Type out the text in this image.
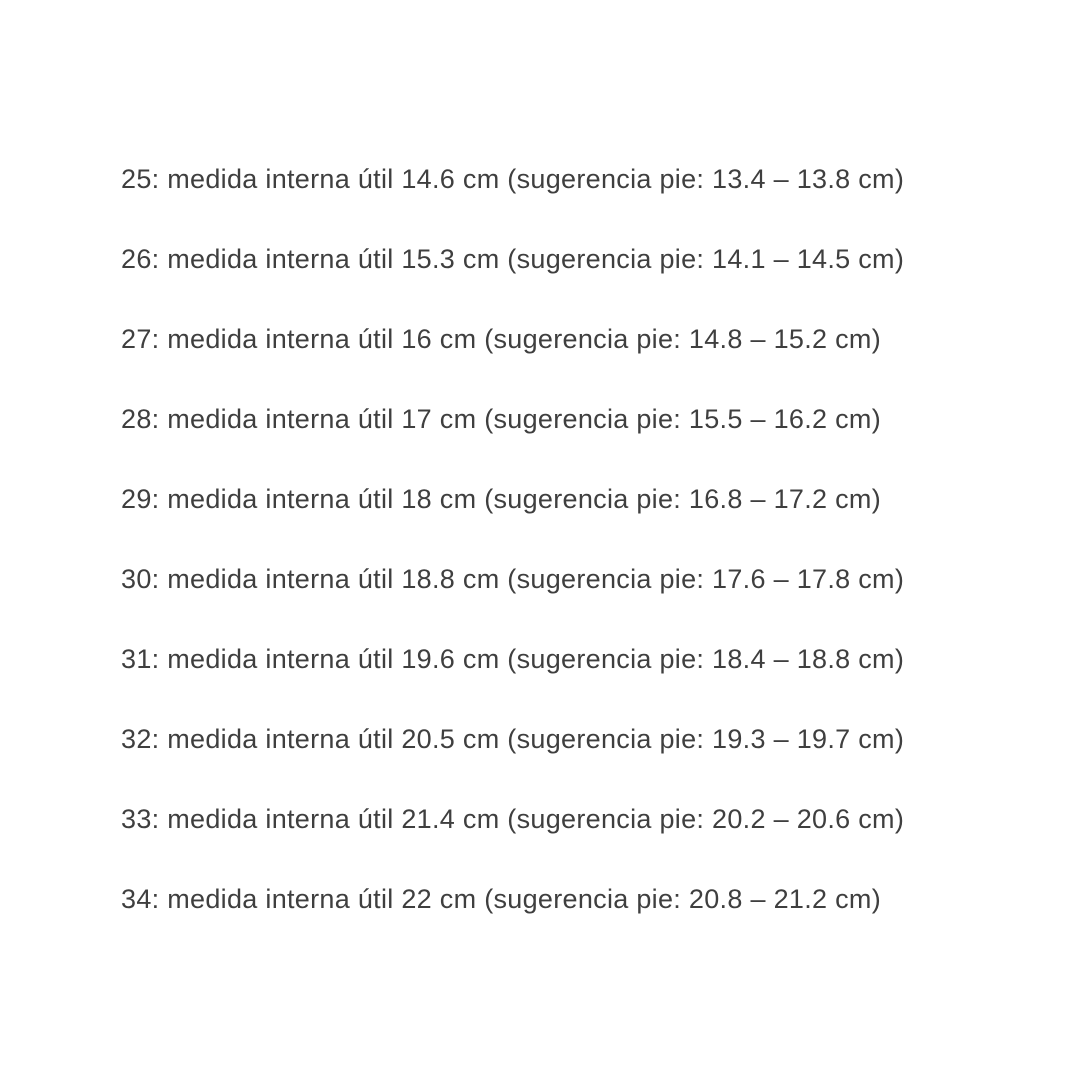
25: medida interna útil 14.6 cm (sugerencia pie: 13.4 – 13.8 cm)

26: medida interna útil 15.3 cm (sugerencia pie: 14.1 – 14.5 cm)

27: medida interna útil 16 cm (sugerencia pie: 14.8 – 15.2 cm)

28: medida interna útil 17 cm (sugerencia pie: 15.5 – 16.2 cm)

29: medida interna útil 18 cm (sugerencia pie: 16.8 – 17.2 cm)

30: medida interna útil 18.8 cm (sugerencia pie: 17.6 – 17.8 cm)

31: medida interna útil 19.6 cm (sugerencia pie: 18.4 – 18.8 cm)

32: medida interna útil 20.5 cm (sugerencia pie: 19.3 – 19.7 cm)

33: medida interna útil 21.4 cm (sugerencia pie: 20.2 – 20.6 cm)

34: medida interna útil 22 cm (sugerencia pie: 20.8 – 21.2 cm)
